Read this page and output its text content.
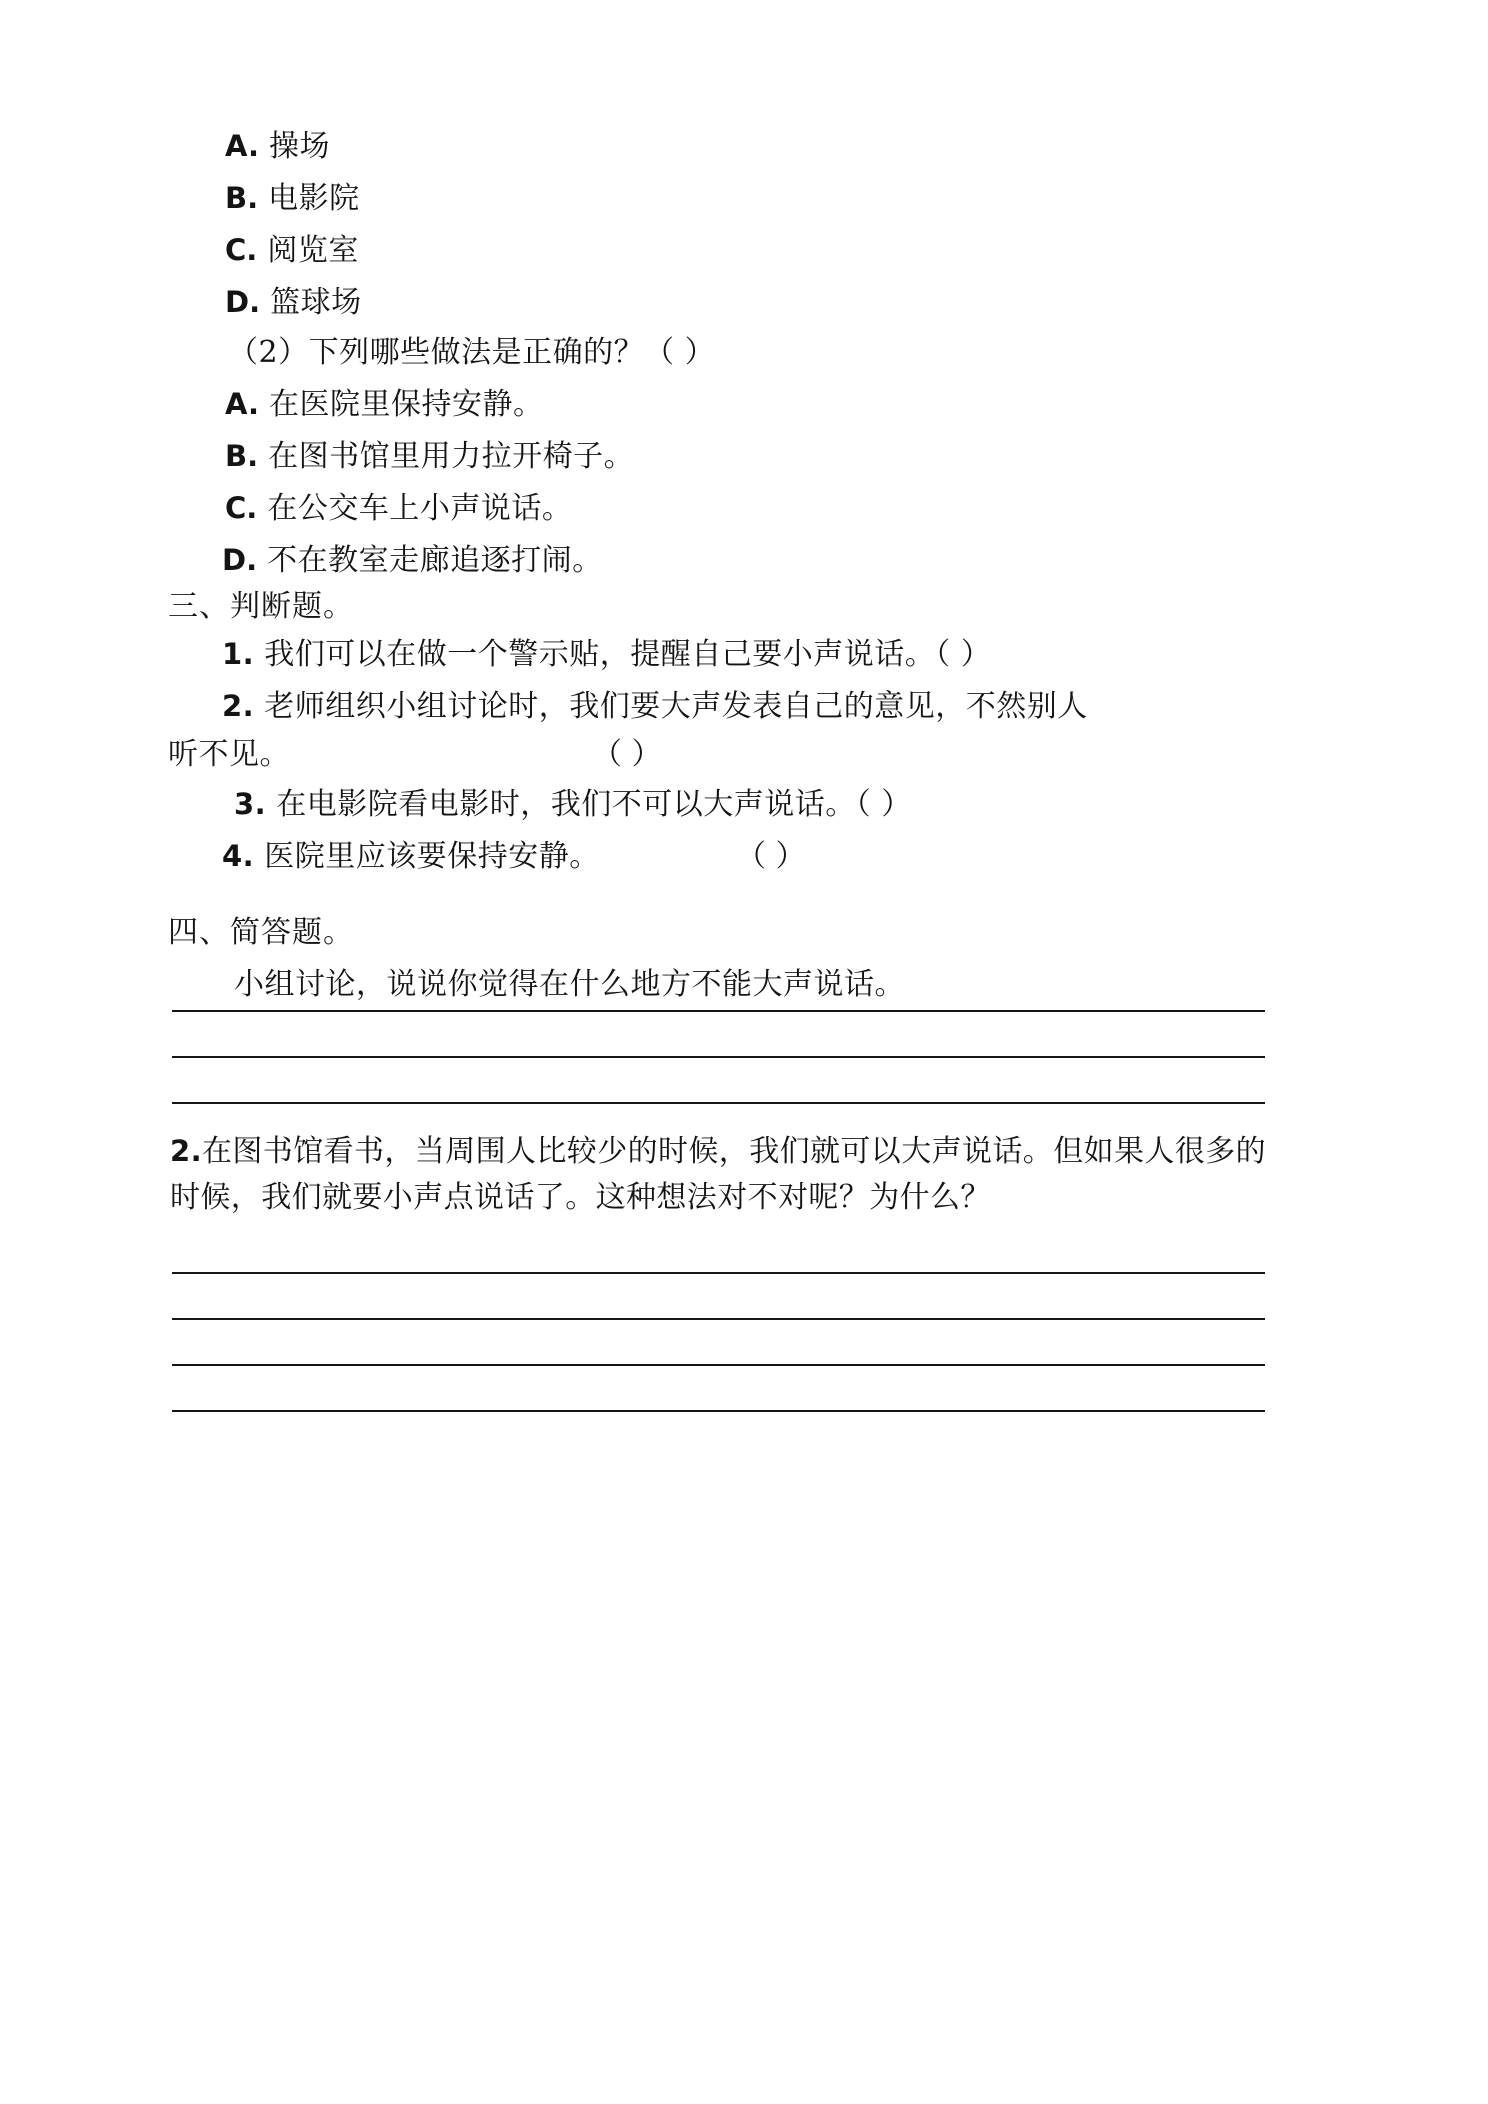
A. 操场
B. 电影院
C. 阅览室
D. 篮球场
（2）下列哪些做法是正确的？（ ）
A. 在医院里保持安静。
B. 在图书馆里用力拉开椅子。
C. 在公交车上小声说话。
D. 不在教室走廊追逐打闹。
三、判断题。
1. 我们可以在做一个警示贴，提醒自己要小声说话。（ ）
2. 老师组织小组讨论时，我们要大声发表自己的意见，不然别人
听不见。	（ ）
3. 在电影院看电影时，我们不可以大声说话。（ ）
4. 医院里应该要保持安静。	（ ）
四、简答题。
小组讨论，说说你觉得在什么地方不能大声说话。
2.在图书馆看书，当周围人比较少的时候，我们就可以大声说话。但如果人很多的时候，我们就要小声点说话了。这种想法对不对呢？为什么？
